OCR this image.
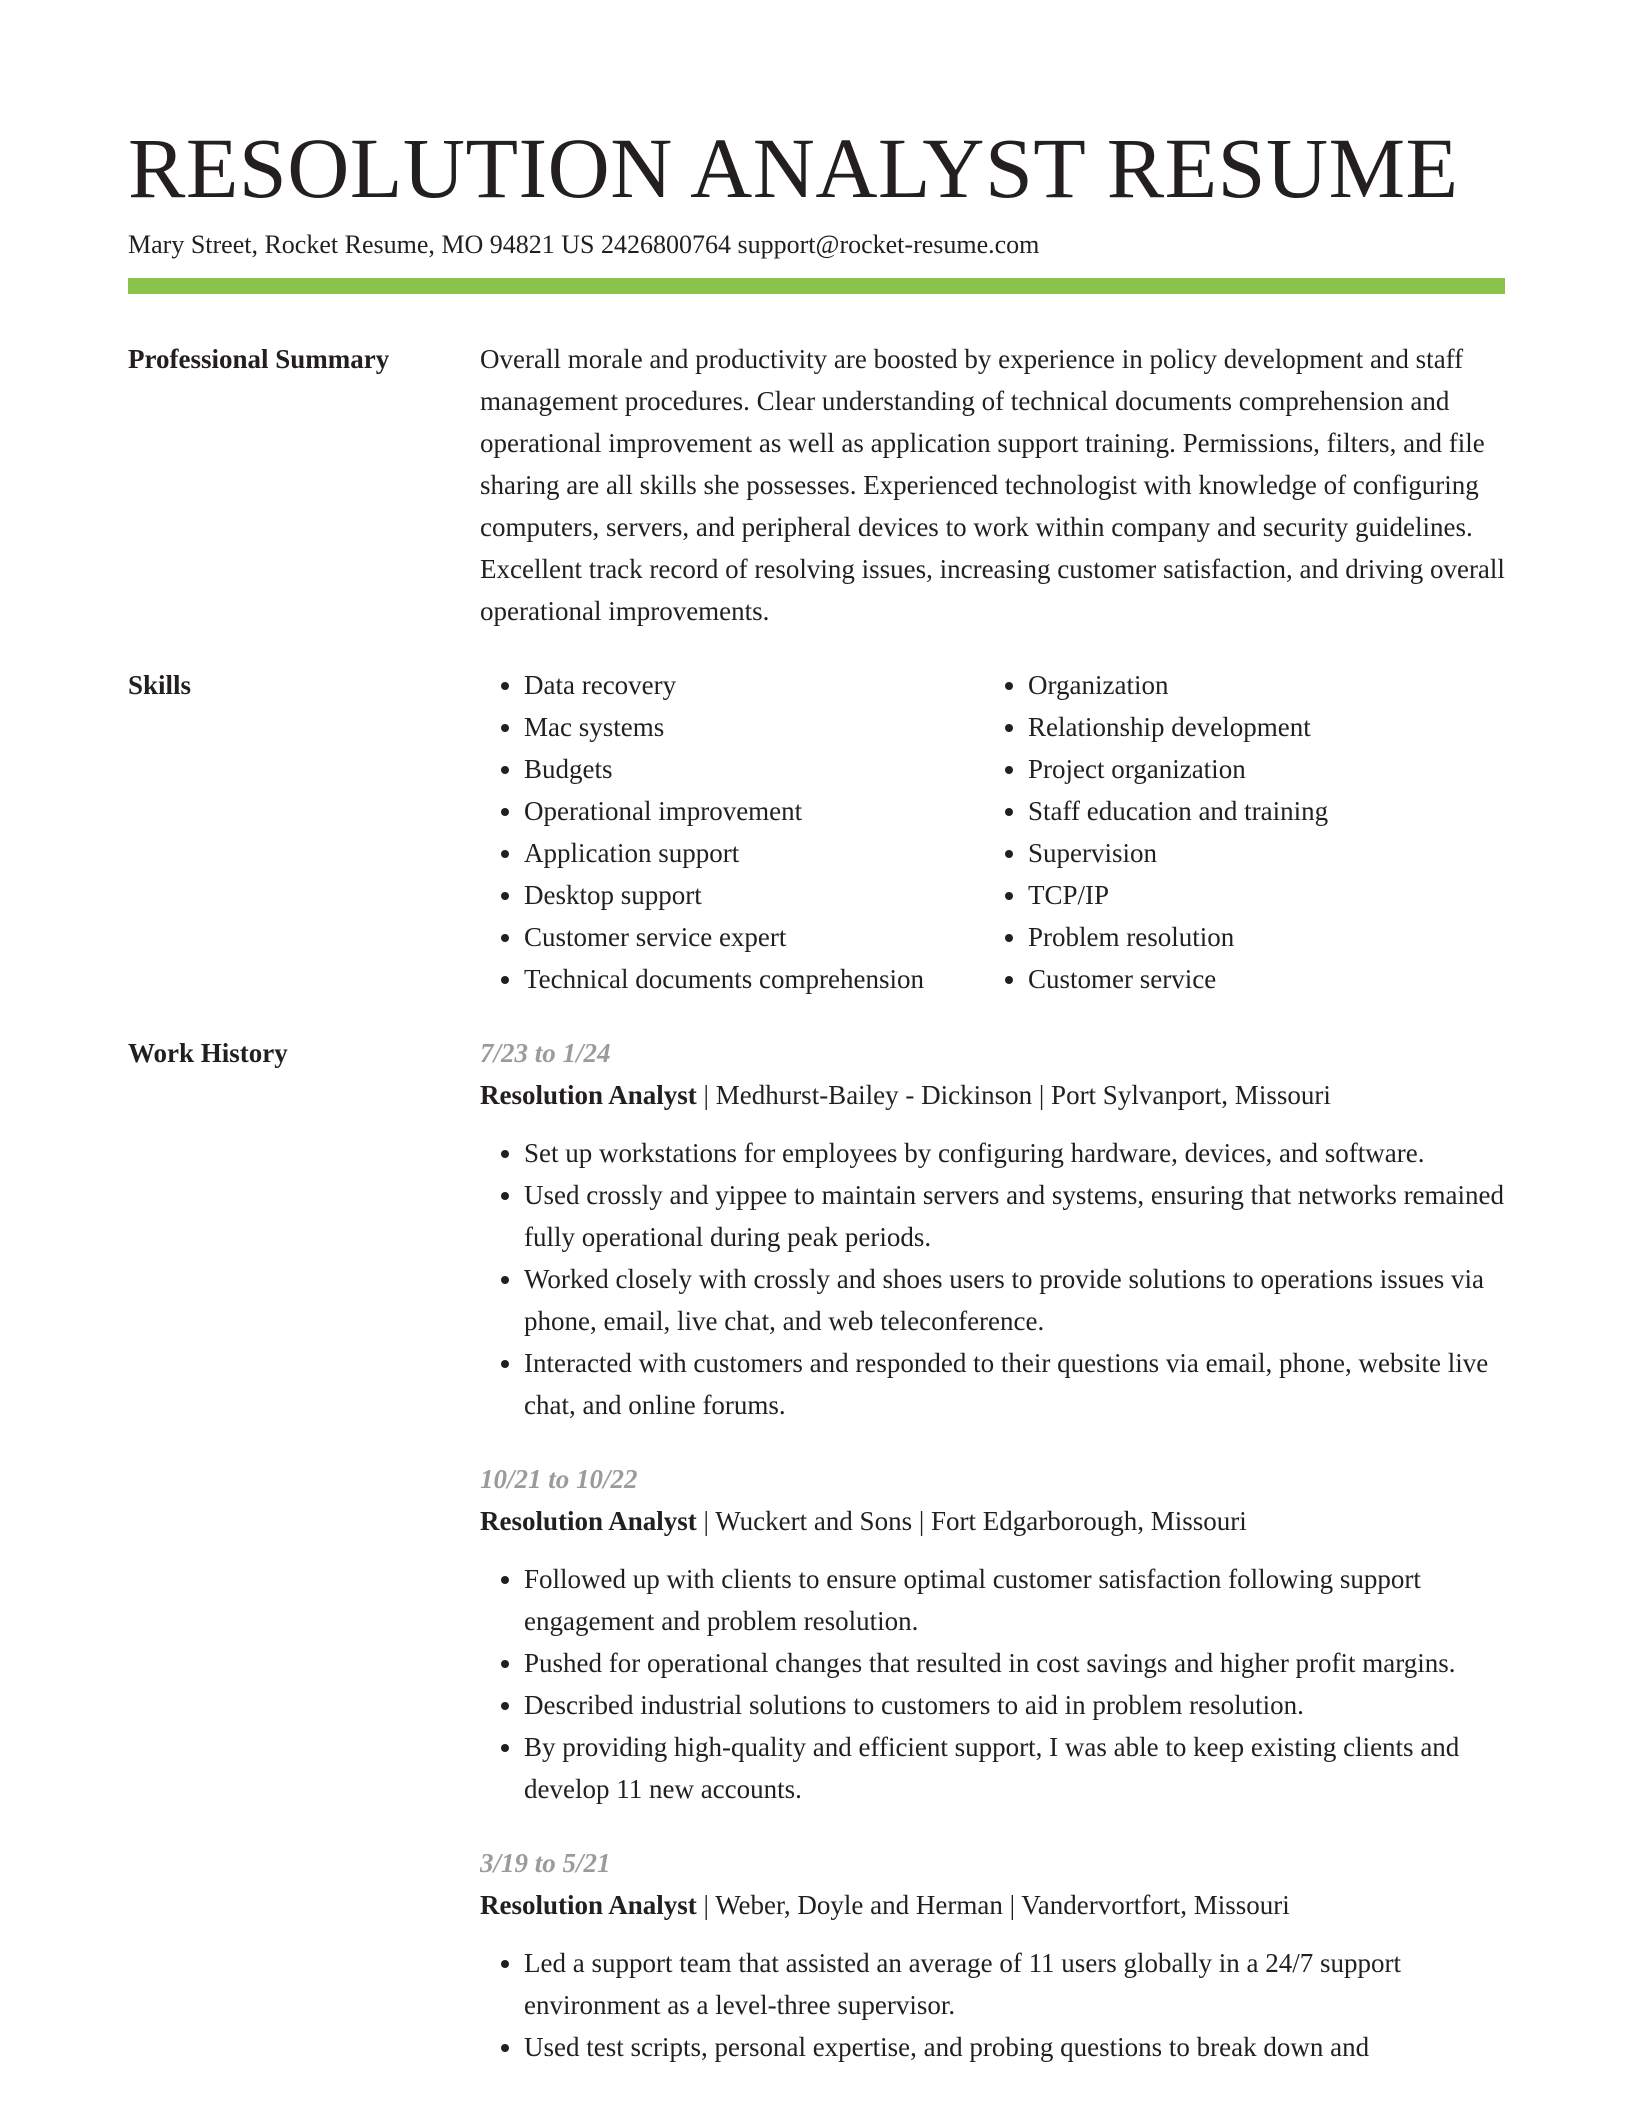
RESOLUTION ANALYST RESUME
Mary Street, Rocket Resume, MO 94821 US 2426800764 support@rocket-resume.com
Professional Summary	Overall morale and productivity are boosted by experience in policy development and staff management procedures. Clear understanding of technical documents comprehension and operational improvement as well as application support training. Permissions, filters, and file sharing are all skills she possesses. Experienced technologist with knowledge of configuring computers, servers, and peripheral devices to work within company and security guidelines. Excellent track record of resolving issues, increasing customer satisfaction, and driving overall operational improvements.

Skills
•	Data recovery
• Mac systems
• Budgets
• Operational improvement
• Application support
• Desktop support
• Customer service expert
• Technical documents comprehension
• Organization
• Relationship development
• Project organization
• Staff education and training
• Supervision
• TCP/IP
• Problem resolution
• Customer service
Work History	7/23 to 1/24
Resolution Analyst | Medhurst-Bailey - Dickinson | Port Sylvanport, Missouri
• Set up workstations for employees by configuring hardware, devices, and software.
• Used crossly and yippee to maintain servers and systems, ensuring that networks remained fully operational during peak periods.
• Worked closely with crossly and shoes users to provide solutions to operations issues via phone, email, live chat, and web teleconference.
• Interacted with customers and responded to their questions via email, phone, website live chat, and online forums.
10/21 to 10/22
Resolution Analyst | Wuckert and Sons | Fort Edgarborough, Missouri
• Followed up with clients to ensure optimal customer satisfaction following support engagement and problem resolution.
• Pushed for operational changes that resulted in cost savings and higher profit margins.
• Described industrial solutions to customers to aid in problem resolution.
• By providing high-quality and efficient support, I was able to keep existing clients and develop 11 new accounts.
3/19 to 5/21
Resolution Analyst | Weber, Doyle and Herman | Vandervortfort, Missouri
• Led a support team that assisted an average of 11 users globally in a 24/7 support environment as a level-three supervisor.
• Used test scripts, personal expertise, and probing questions to break down and
